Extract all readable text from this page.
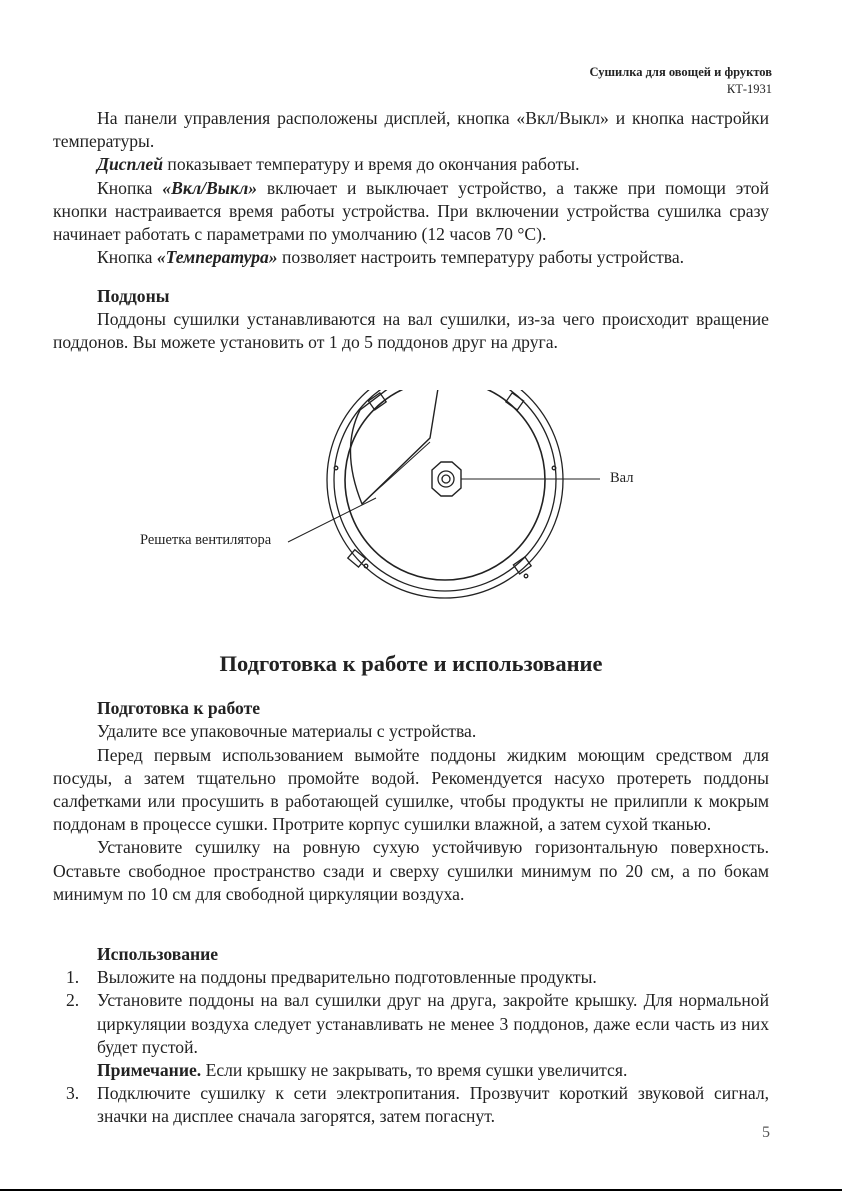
Сушилка для овощей и фруктов
КТ-1931

На панели управления расположены дисплей, кнопка «Вкл/Выкл» и кнопка настройки температуры.

Дисплей показывает температуру и время до окончания работы.

Кнопка «Вкл/Выкл» включает и выключает устройство, а также при помощи этой кнопки настраивается время работы устройства. При включении устройства сушилка сразу начинает работать с параметрами по умолчанию (12 часов 70 °С).

Кнопка «Температура» позволяет настроить температуру работы устройства.

Поддоны

Поддоны сушилки устанавливаются на вал сушилки, из-за чего происходит вращение поддонов. Вы можете установить от 1 до 5 поддонов друг на друга.

Вал
Решетка вентилятора

Подготовка к работе и использование

Подготовка к работе

Удалите все упаковочные материалы с устройства.

Перед первым использованием вымойте поддоны жидким моющим средством для посуды, а затем тщательно промойте водой. Рекомендуется насухо протереть поддоны салфетками или просушить в работающей сушилке, чтобы продукты не прилипли к мокрым поддонам в процессе сушки. Протрите корпус сушилки влажной, а затем сухой тканью.

Установите сушилку на ровную сухую устойчивую горизонтальную поверхность. Оставьте свободное пространство сзади и сверху сушилки минимум по 20 см, а по бокам минимум по 10 см для свободной циркуляции воздуха.

Использование

1. Выложите на поддоны предварительно подготовленные продукты.
2. Установите поддоны на вал сушилки друг на друга, закройте крышку. Для нормальной циркуляции воздуха следует устанавливать не менее 3 поддонов, даже если часть из них будет пустой.

Примечание. Если крышку не закрывать, то время сушки увеличится.

3. Подключите сушилку к сети электропитания. Прозвучит короткий звуковой сигнал, значки на дисплее сначала загорятся, затем погаснут.
5
